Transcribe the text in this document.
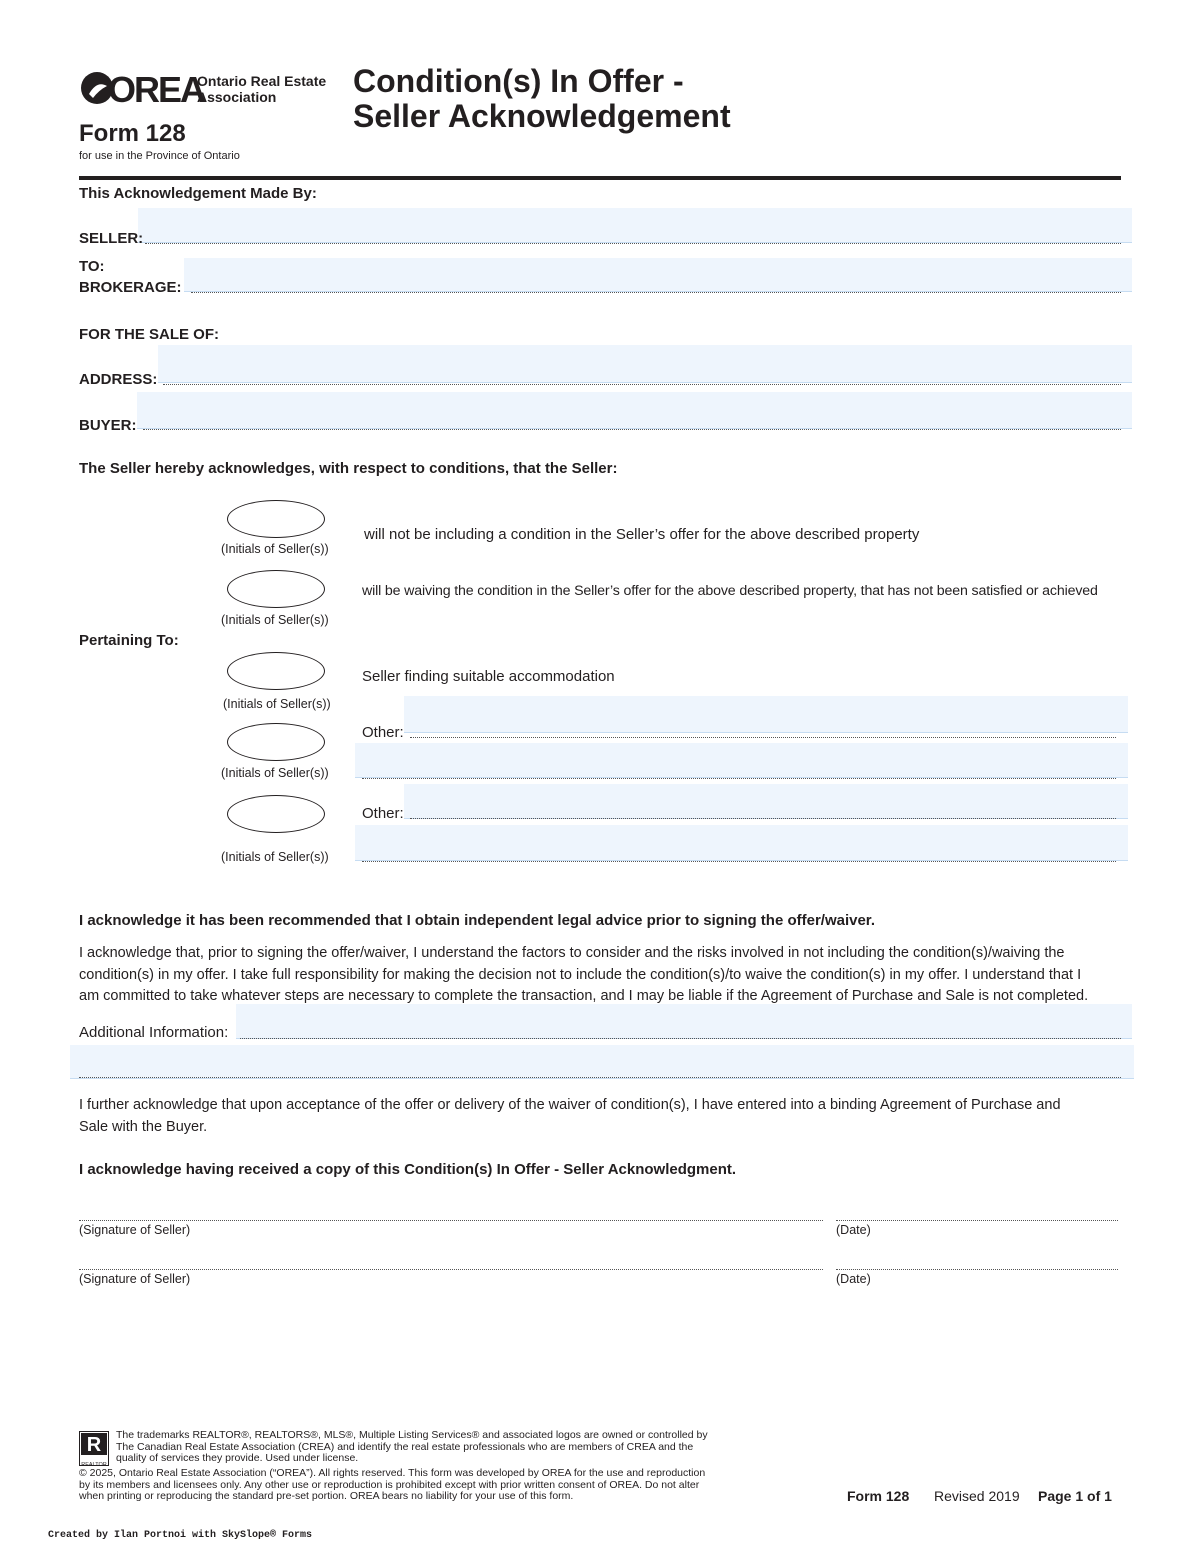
OREA
Ontario Real Estate
Association
Form 128
for use in the Province of Ontario
Condition(s) In Offer -
Seller Acknowledgement
This Acknowledgement Made By:
SELLER:
TO:
BROKERAGE:
FOR THE SALE OF:
ADDRESS:
BUYER:
The Seller hereby acknowledges, with respect to conditions, that the Seller:
(Initials of Seller(s))
will not be including a condition in the Seller’s offer for the above described property
(Initials of Seller(s))
will be waiving the condition in the Seller’s offer for the above described property, that has not been satisfied or achieved
Pertaining To:
(Initials of Seller(s))
Seller finding suitable accommodation
Other:
(Initials of Seller(s))
Other:
(Initials of Seller(s))
I acknowledge it has been recommended that I obtain independent legal advice prior to signing the offer/waiver.
I acknowledge that, prior to signing the offer/waiver, I understand the factors to consider and the risks involved in not including the condition(s)/waiving the
condition(s) in my offer. I take full responsibility for making the decision not to include the condition(s)/to waive the condition(s) in my offer. I understand that I
am committed to take whatever steps are necessary to complete the transaction, and I may be liable if the Agreement of Purchase and Sale is not completed.
Additional Information:
I further acknowledge that upon acceptance of the offer or delivery of the waiver of condition(s), I have entered into a binding Agreement of Purchase and
Sale with the Buyer.
I acknowledge having received a copy of this Condition(s) In Offer - Seller Acknowledgment.
(Signature of Seller)	(Date)
(Signature of Seller)	(Date)
R
REALTOR
The trademarks REALTOR®, REALTORS®, MLS®, Multiple Listing Services® and associated logos are owned or controlled by
The Canadian Real Estate Association (CREA) and identify the real estate professionals who are members of CREA and the
quality of services they provide. Used under license.
© 2025, Ontario Real Estate Association (“OREA”). All rights reserved. This form was developed by OREA for the use and reproduction
by its members and licensees only. Any other use or reproduction is prohibited except with prior written consent of OREA. Do not alter
when printing or reproducing the standard pre-set portion. OREA bears no liability for your use of this form.	Form 128 Revised 2019 Page 1 of 1
Created by Ilan Portnoi with SkySlope® Forms
